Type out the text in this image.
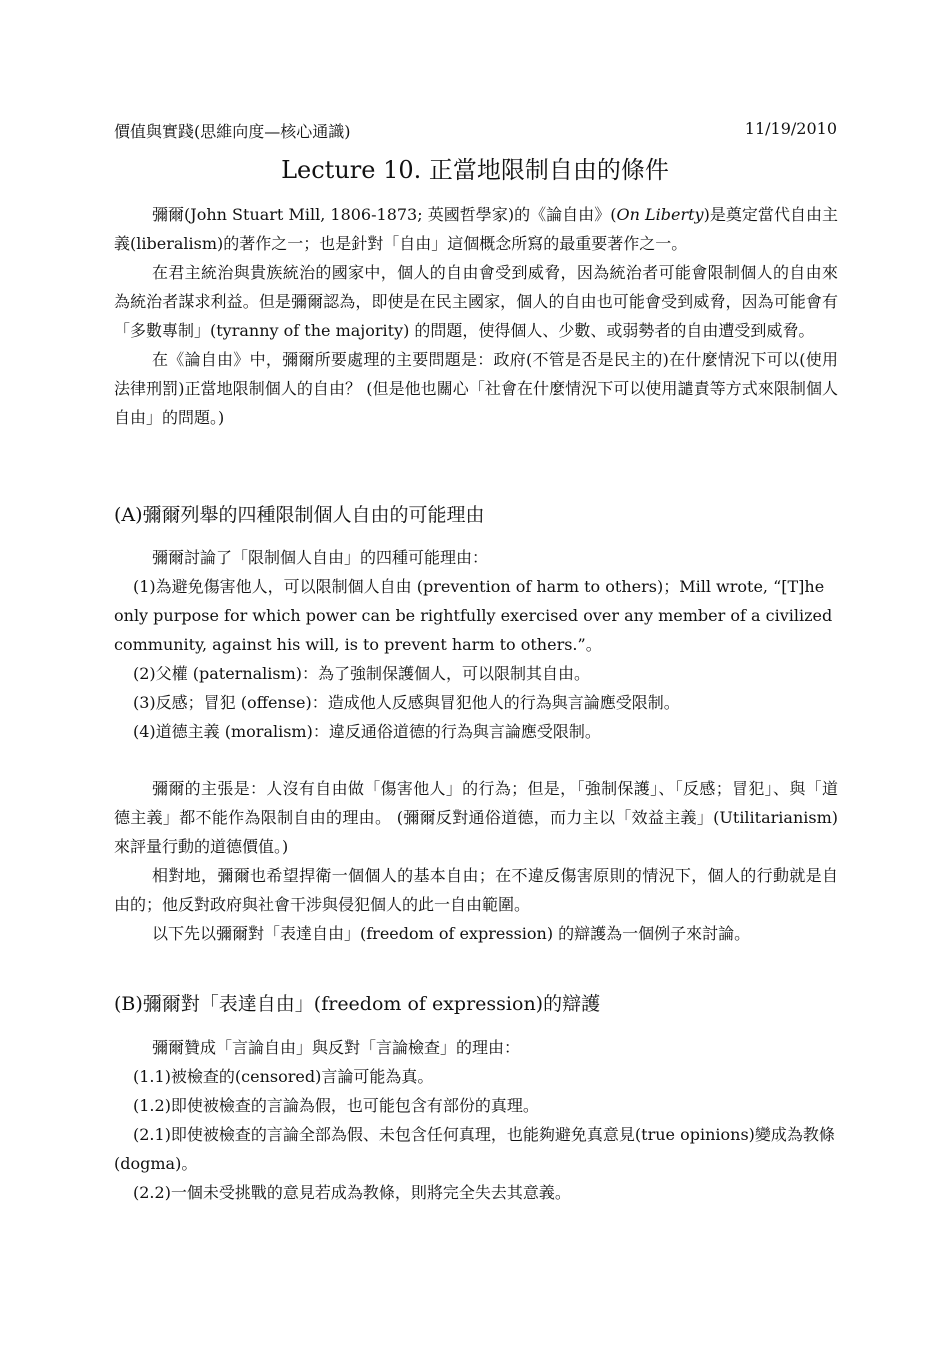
價值與實踐(思維向度—核心通識)	11/19/2010
Lecture 10. 正當地限制自由的條件

彌爾(John Stuart Mill, 1806-1873; 英國哲學家)的《論自由》(On Liberty)是奠定當代自由主義(liberalism)的著作之一；也是針對「自由」這個概念所寫的最重要著作之一。

在君主統治與貴族統治的國家中，個人的自由會受到威脅，因為統治者可能會限制個人的自由來為統治者謀求利益。但是彌爾認為，即使是在民主國家，個人的自由也可能會受到威脅，因為可能會有「多數專制」(tyranny of the majority) 的問題，使得個人、少數、或弱勢者的自由遭受到威脅。

在《論自由》中，彌爾所要處理的主要問題是：政府(不管是否是民主的)在什麼情況下可以(使用法律刑罰)正當地限制個人的自由？ (但是他也關心「社會在什麼情況下可以使用譴責等方式來限制個人自由」的問題。)

(A)彌爾列舉的四種限制個人自由的可能理由

彌爾討論了「限制個人自由」的四種可能理由：

(1)為避免傷害他人，可以限制個人自由 (prevention of harm to others)；Mill wrote, “[T]he only purpose for which power can be rightfully exercised over any member of a civilized community, against his will, is to prevent harm to others.”。

(2)父權 (paternalism)：為了強制保護個人，可以限制其自由。

(3)反感；冒犯 (offense)：造成他人反感與冒犯他人的行為與言論應受限制。

(4)道德主義 (moralism)：違反通俗道德的行為與言論應受限制。

彌爾的主張是：人沒有自由做「傷害他人」的行為；但是，「強制保護」、「反感；冒犯」、與「道德主義」都不能作為限制自由的理由。 (彌爾反對通俗道德，而力主以「效益主義」(Utilitarianism)來評量行動的道德價值。)

相對地，彌爾也希望捍衛一個個人的基本自由；在不違反傷害原則的情況下，個人的行動就是自由的；他反對政府與社會干涉與侵犯個人的此一自由範圍。

以下先以彌爾對「表達自由」(freedom of expression) 的辯護為一個例子來討論。

(B)彌爾對「表達自由」(freedom of expression)的辯護

彌爾贊成「言論自由」與反對「言論檢查」的理由：

(1.1)被檢查的(censored)言論可能為真。

(1.2)即使被檢查的言論為假，也可能包含有部份的真理。

(2.1)即使被檢查的言論全部為假、未包含任何真理，也能夠避免真意見(true opinions)變成為教條(dogma)。

(2.2)一個未受挑戰的意見若成為教條，則將完全失去其意義。
